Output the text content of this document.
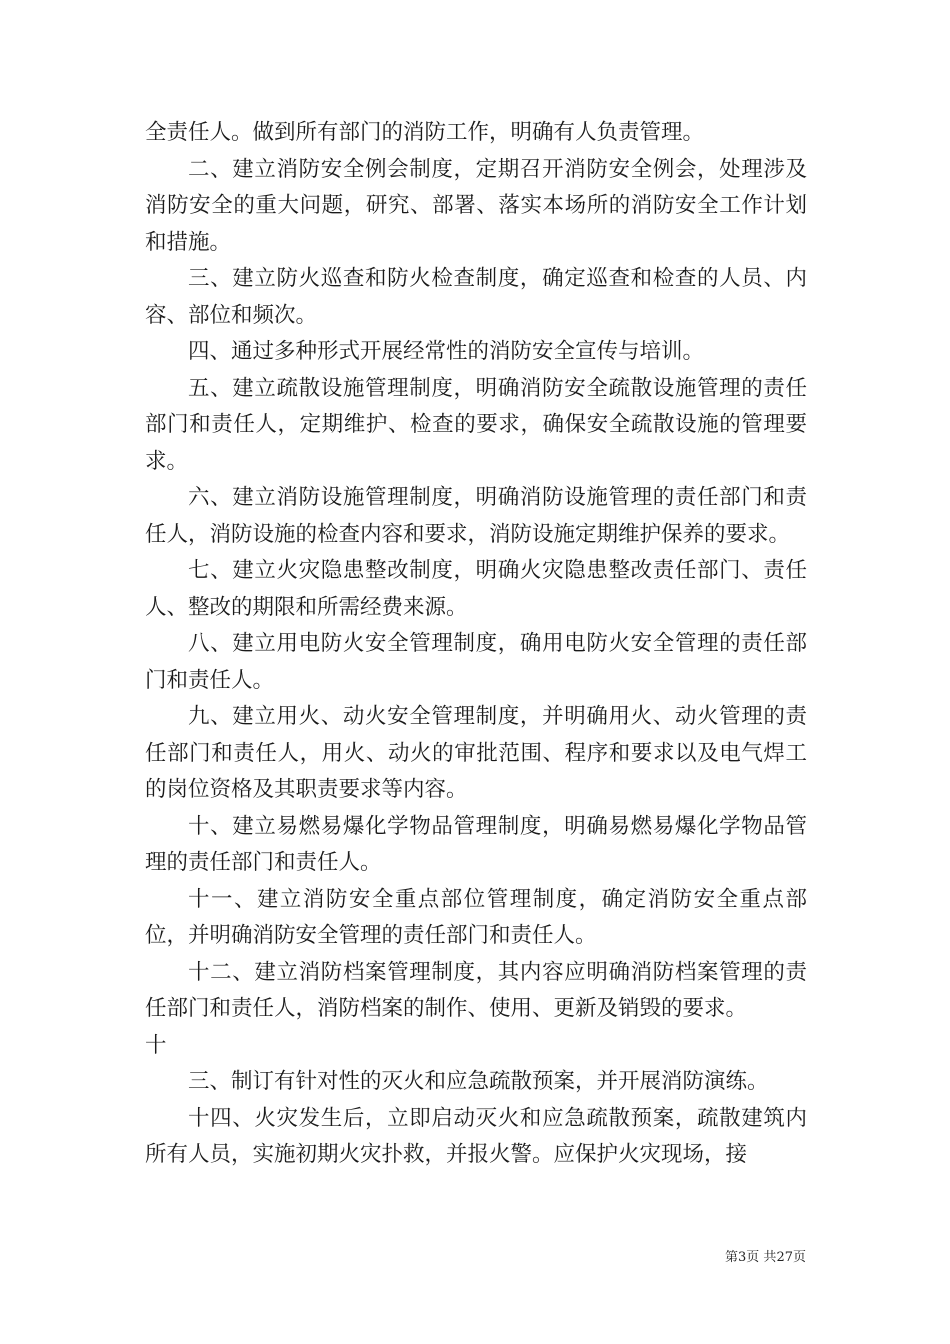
全责任人。做到所有部门的消防工作，明确有人负责管理。

二、建立消防安全例会制度，定期召开消防安全例会，处理涉及消防安全的重大问题，研究、部署、落实本场所的消防安全工作计划和措施。

三、建立防火巡查和防火检查制度，确定巡查和检查的人员、内容、部位和频次。

四、通过多种形式开展经常性的消防安全宣传与培训。

五、建立疏散设施管理制度，明确消防安全疏散设施管理的责任部门和责任人，定期维护、检查的要求，确保安全疏散设施的管理要求。

六、建立消防设施管理制度，明确消防设施管理的责任部门和责任人，消防设施的检查内容和要求，消防设施定期维护保养的要求。

七、建立火灾隐患整改制度，明确火灾隐患整改责任部门、责任人、整改的期限和所需经费来源。

八、建立用电防火安全管理制度，确用电防火安全管理的责任部门和责任人。

九、建立用火、动火安全管理制度，并明确用火、动火管理的责任部门和责任人，用火、动火的审批范围、程序和要求以及电气焊工的岗位资格及其职责要求等内容。

十、建立易燃易爆化学物品管理制度，明确易燃易爆化学物品管理的责任部门和责任人。

十一、建立消防安全重点部位管理制度，确定消防安全重点部位，并明确消防安全管理的责任部门和责任人。

十二、建立消防档案管理制度，其内容应明确消防档案管理的责任部门和责任人，消防档案的制作、使用、更新及销毁的要求。

十

三、制订有针对性的灭火和应急疏散预案，并开展消防演练。

十四、火灾发生后，立即启动灭火和应急疏散预案，疏散建筑内所有人员，实施初期火灾扑救，并报火警。应保护火灾现场，接

第3页 共27页
